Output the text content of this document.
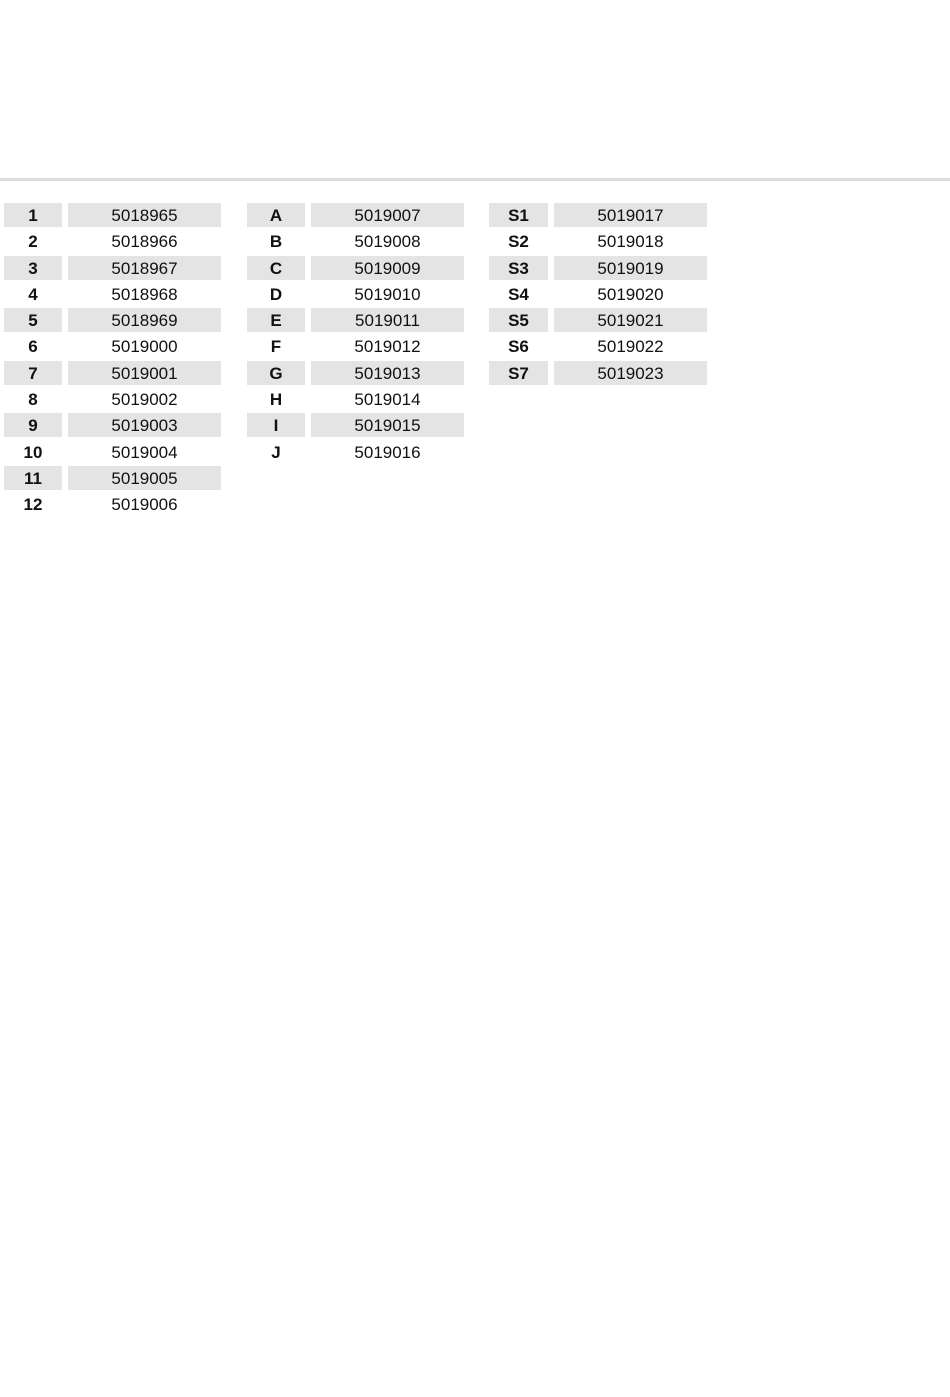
1	5018965
2	5018966
3	5018967
4	5018968
5	5018969
6	5019000
7	5019001
8	5019002
9	5019003
10	5019004
11	5019005
12	5019006
A	5019007
B	5019008
C	5019009
D	5019010
E	5019011
F	5019012
G	5019013
H	5019014
I	5019015
J	5019016
S1	5019017
S2	5019018
S3	5019019
S4	5019020
S5	5019021
S6	5019022
S7	5019023
